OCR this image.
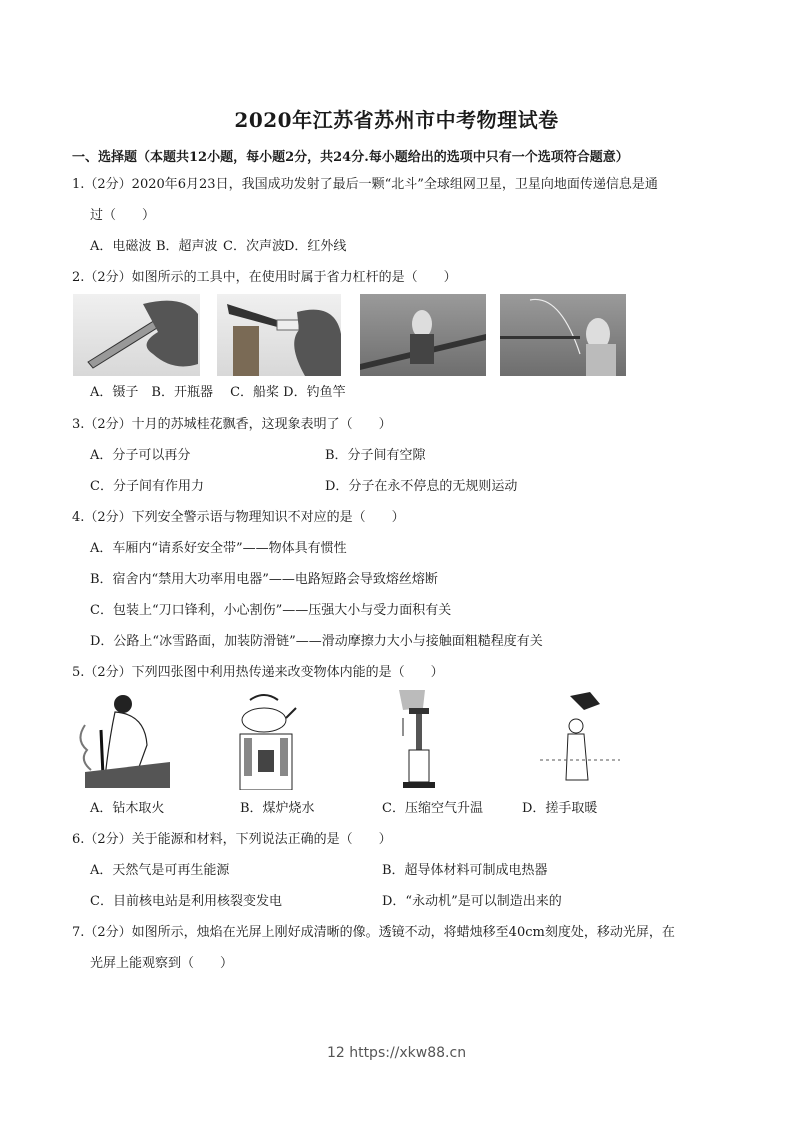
2020年江苏省苏州市中考物理试卷
一、选择题（本题共12小题，每小题2分，共24分.每小题给出的选项中只有一个选项符合题意）
1.（2分）2020年6月23日，我国成功发射了最后一颗“北斗”全球组网卫星，卫星向地面传递信息是通
过（　　）
A．电磁波 B．超声波 C．次声波 D．红外线
2.（2分）如图所示的工具中，在使用时属于省力杠杆的是（　　）
A．镊子　B．开瓶器　 C．船桨 D．钓鱼竿
3.（2分）十月的苏城桂花飘香，这现象表明了（　　）
A．分子可以再分	B．分子间有空隙
C．分子间有作用力	D．分子在永不停息的无规则运动
4.（2分）下列安全警示语与物理知识不对应的是（　　）
A．车厢内“请系好安全带”——物体具有惯性
B．宿舍内“禁用大功率用电器”——电路短路会导致熔丝熔断
C．包装上“刀口锋利，小心割伤”——压强大小与受力面积有关
D．公路上“冰雪路面，加装防滑链”——滑动摩擦力大小与接触面粗糙程度有关
5.（2分）下列四张图中利用热传递来改变物体内能的是（　　）
A．钻木取火	B．煤炉烧水	C．压缩空气升温	D．搓手取暖
6.（2分）关于能源和材料，下列说法正确的是（　　）
A．天然气是可再生能源	B．超导体材料可制成电热器
C．目前核电站是利用核裂变发电	D．“永动机”是可以制造出来的
7.（2分）如图所示，烛焰在光屏上刚好成清晰的像。透镜不动，将蜡烛移至40cm刻度处，移动光屏，在
光屏上能观察到（　　）
12 https://xkw88.cn
